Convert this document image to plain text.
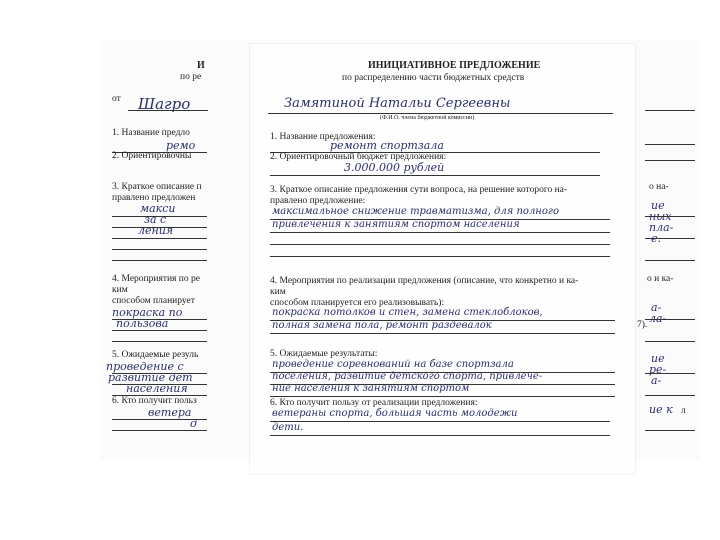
И
по ре
от Шагро
1. Название предло
ремо
2. Ориентировочны
3. Краткое описание п
правлено предложен
макси
за с
ления
4. Мероприятия по ре
ким
способом планирует
покраска по
пользова
5. Ожидаемые резуль
проведение с
развитие дет
населения
6. Кто получит польз
ветера
д
о на-
ие
ных
пла-
е.
о и ка-
а-
ла-
7).
ие
ре-
а-
ие к л
ИНИЦИАТИВНОЕ ПРЕДЛОЖЕНИЕ
по распределению части бюджетных средств
Замятиной Натальи Сергеевны
(Ф.И.О. члена бюджетной комиссии)
1. Название предложения:
ремонт спортзала
2. Ориентировочный бюджет предложения:
3.000.000 рублей
3. Краткое описание предложения сути вопроса, на решение которого на-
правлено предложение:
максимальное снижение травматизма, для полного
привлечения к занятиям спортом населения
4. Мероприятия по реализации предложения (описание, что конкретно и ка-
ким
способом планируется его реализовывать):
покраска потолков и стен, замена стеклоблоков,
полная замена пола, ремонт раздевалок
5. Ожидаемые результаты:
проведение соревнований на базе спортзала
поселения, развитие детского спорта, привлече-
ние населения к занятиям спортом
6. Кто получит пользу от реализации предложения:
ветераны спорта, большая часть молодежи
дети.
